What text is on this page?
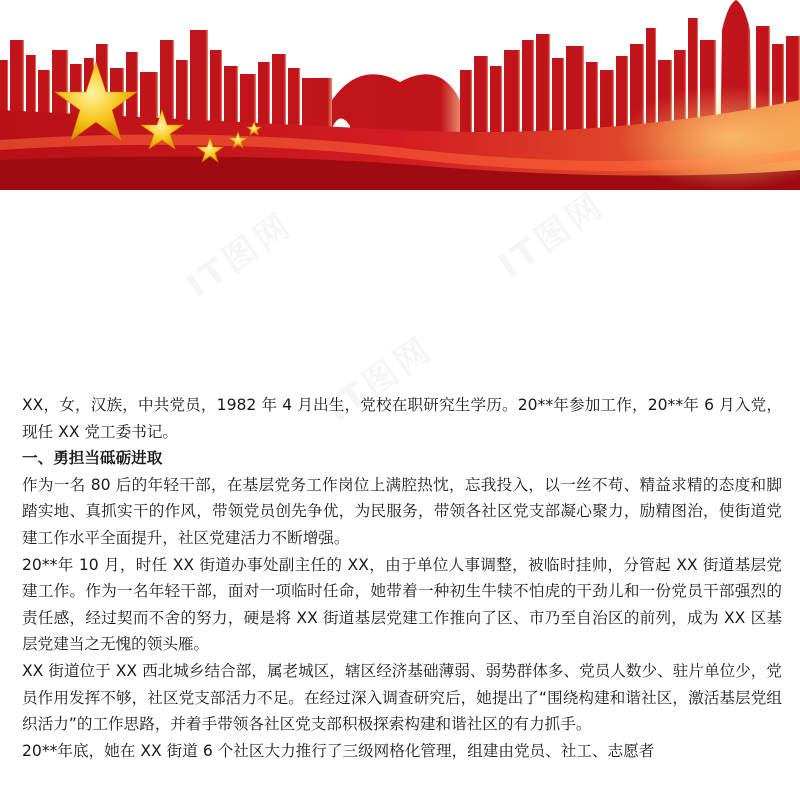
IT图网	IT图网
IT图网

XX，女，汉族，中共党员，1982 年 4 月出生，党校在职研究生学历。20**年参加工作，20**年 6 月入党，现任 XX 党工委书记。

一、勇担当砥砺进取

作为一名 80 后的年轻干部，在基层党务工作岗位上满腔热忱，忘我投入，以一丝不苟、精益求精的态度和脚踏实地、真抓实干的作风，带领党员创先争优，为民服务，带领各社区党支部凝心聚力，励精图治，使街道党建工作水平全面提升，社区党建活力不断增强。

20**年 10 月，时任 XX 街道办事处副主任的 XX，由于单位人事调整，被临时挂帅，分管起 XX 街道基层党建工作。作为一名年轻干部，面对一项临时任命，她带着一种初生牛犊不怕虎的干劲儿和一份党员干部强烈的责任感，经过契而不舍的努力，硬是将 XX 街道基层党建工作推向了区、市乃至自治区的前列，成为 XX 区基层党建当之无愧的领头雁。

XX 街道位于 XX 西北城乡结合部，属老城区，辖区经济基础薄弱、弱势群体多、党员人数少、驻片单位少，党员作用发挥不够，社区党支部活力不足。在经过深入调查研究后，她提出了“围绕构建和谐社区，激活基层党组织活力”的工作思路，并着手带领各社区党支部积极探索构建和谐社区的有力抓手。

20**年底，她在 XX 街道 6 个社区大力推行了三级网格化管理，组建由党员、社工、志愿者
